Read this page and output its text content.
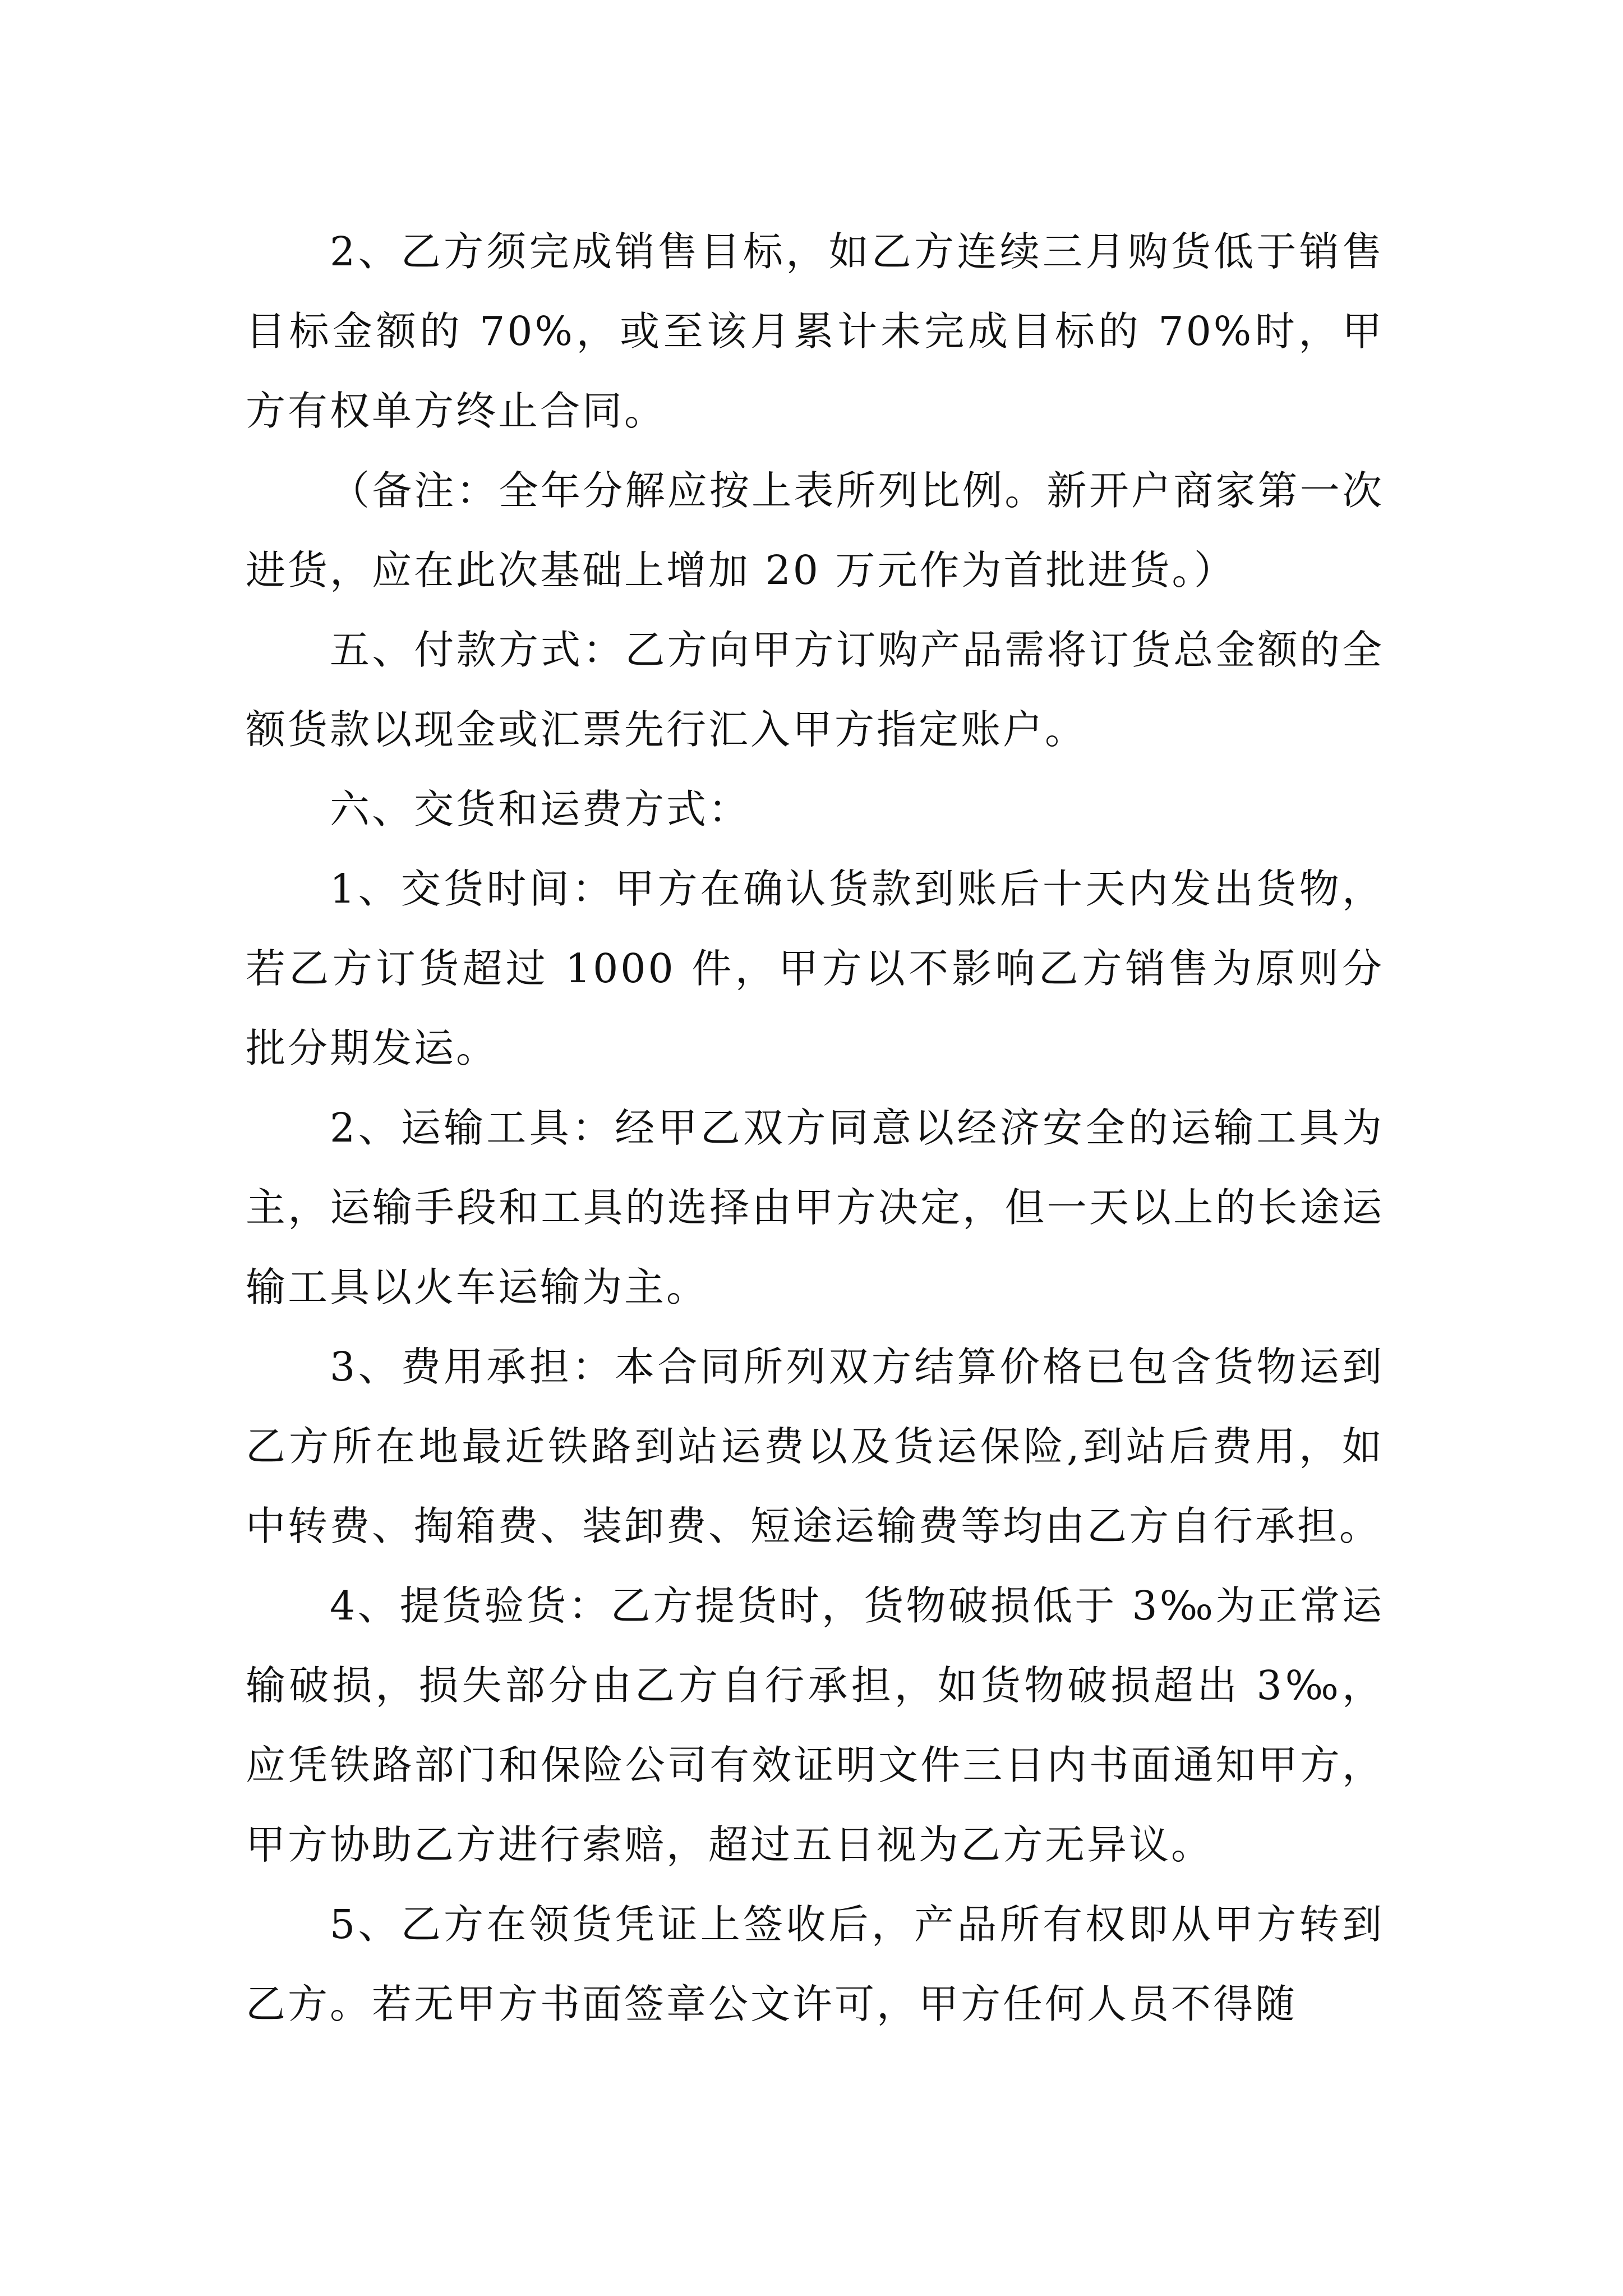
2、乙方须完成销售目标，如乙方连续三月购货低于销售目标金额的 70%，或至该月累计未完成目标的 70%时，甲方有权单方终止合同。

（备注：全年分解应按上表所列比例。新开户商家第一次进货，应在此次基础上增加 20 万元作为首批进货。）

五、付款方式：乙方向甲方订购产品需将订货总金额的全额货款以现金或汇票先行汇入甲方指定账户。

六、交货和运费方式：

1、交货时间：甲方在确认货款到账后十天内发出货物，若乙方订货超过 1000 件，甲方以不影响乙方销售为原则分批分期发运。

2、运输工具：经甲乙双方同意以经济安全的运输工具为主，运输手段和工具的选择由甲方决定，但一天以上的长途运输工具以火车运输为主。

3、费用承担：本合同所列双方结算价格已包含货物运到乙方所在地最近铁路到站运费以及货运保险,到站后费用，如中转费、掏箱费、装卸费、短途运输费等均由乙方自行承担。

4、提货验货：乙方提货时，货物破损低于 3‰为正常运输破损，损失部分由乙方自行承担，如货物破损超出 3‰，应凭铁路部门和保险公司有效证明文件三日内书面通知甲方，甲方协助乙方进行索赔，超过五日视为乙方无异议。

5、乙方在领货凭证上签收后，产品所有权即从甲方转到乙方。若无甲方书面签章公文许可，甲方任何人员不得随
